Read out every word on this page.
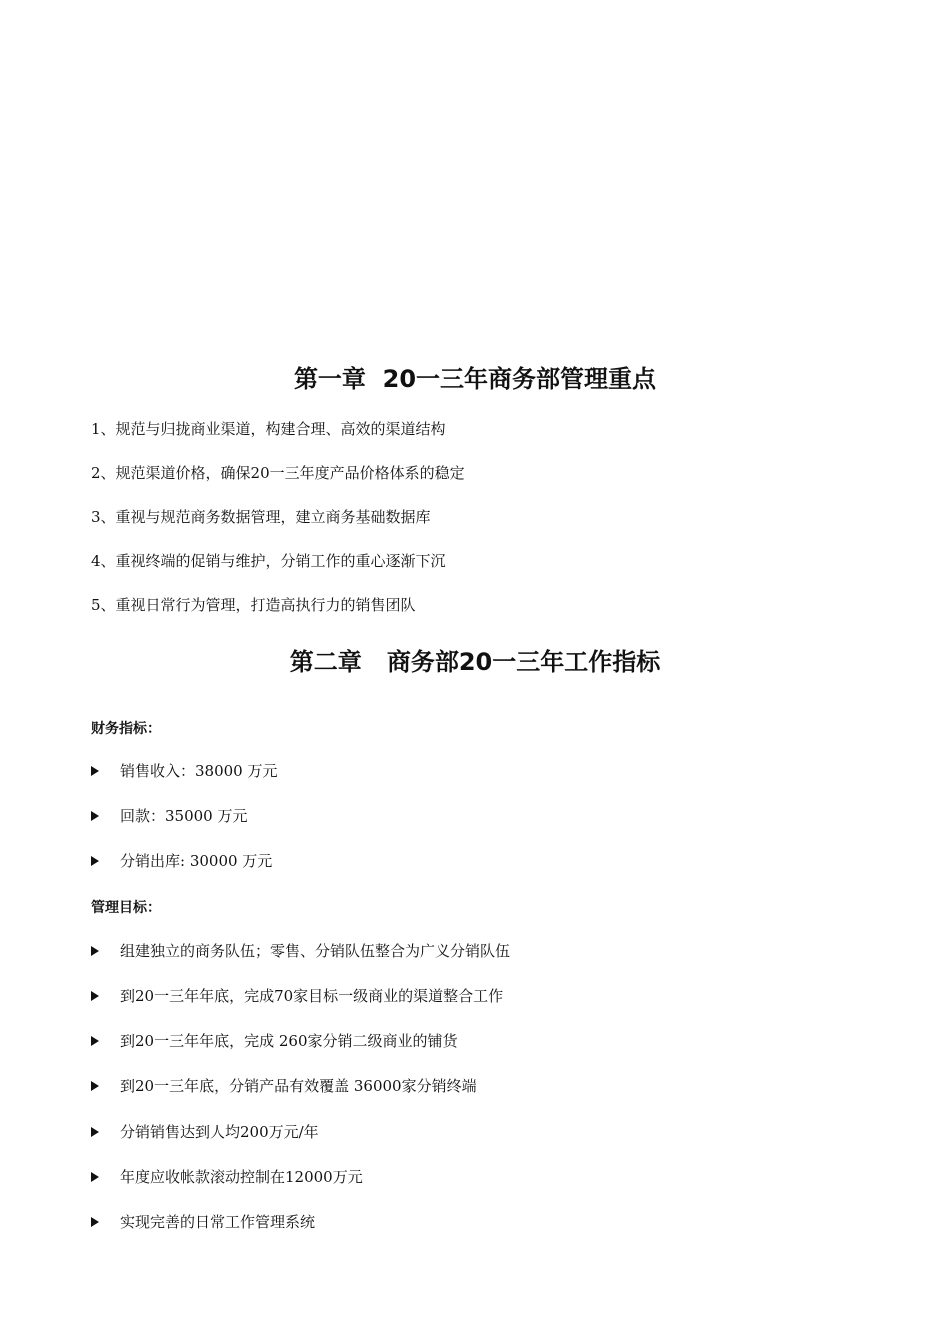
第一章  20一三年商务部管理重点
1、规范与归拢商业渠道，构建合理、高效的渠道结构
2、规范渠道价格，确保20一三年度产品价格体系的稳定
3、重视与规范商务数据管理，建立商务基础数据库
4、重视终端的促销与维护，分销工作的重心逐渐下沉
5、重视日常行为管理，打造高执行力的销售团队
第二章   商务部20一三年工作指标
财务指标：
销售收入：38000 万元
回款：35000 万元
分销出库: 30000 万元
管理目标：
组建独立的商务队伍；零售、分销队伍整合为广义分销队伍
到20一三年年底，完成70家目标一级商业的渠道整合工作
到20一三年年底，完成 260家分销二级商业的铺货
到20一三年底，分销产品有效覆盖 36000家分销终端
分销销售达到人均200万元/年
年度应收帐款滚动控制在12000万元
实现完善的日常工作管理系统
